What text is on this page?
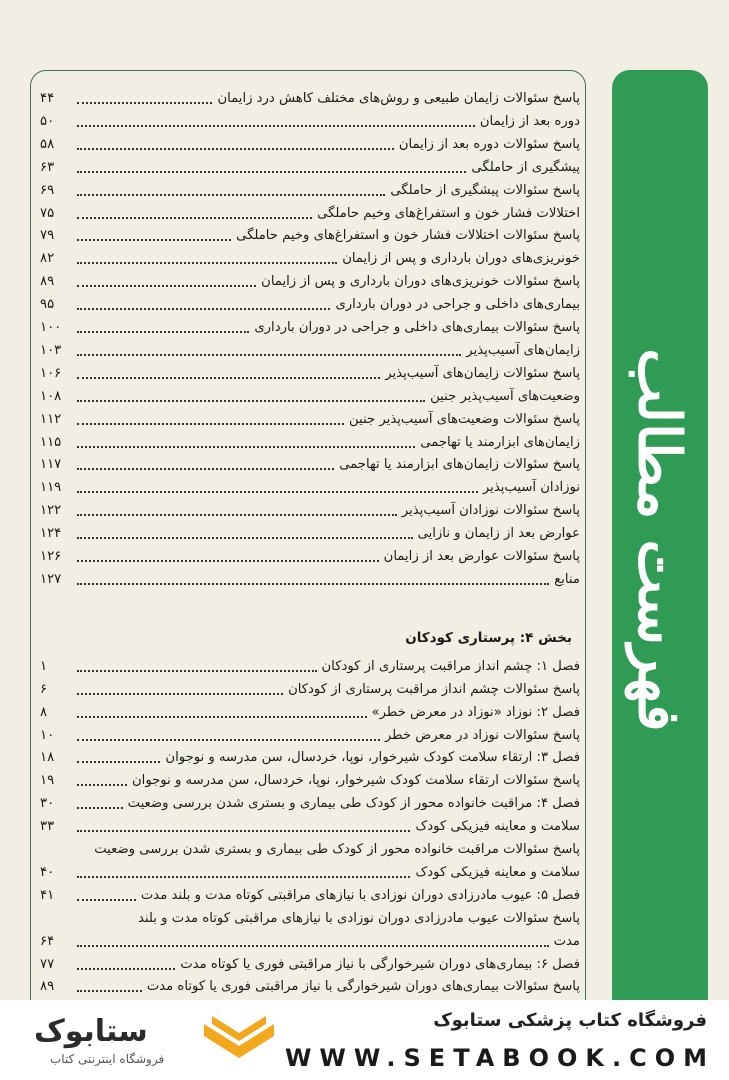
فهرست مطالب
بخش ۴: پرستاری کودکان
پاسخ سئوالات زایمان طبیعی و روش‌های مختلف کاهش درد زایمان
۴۴
دوره بعد از زایمان
۵۰
پاسخ سئوالات دوره بعد از زایمان
۵۸
پیشگیری از حاملگی
۶۳
پاسخ سئوالات پیشگیری از حاملگی
۶۹
اختلالات فشار خون و استفراغ‌های وخیم حاملگی
۷۵
پاسخ سئوالات اختلالات فشار خون و استفراغ‌های وخیم حاملگی
۷۹
خونریزی‌های دوران بارداری و پس از زایمان
۸۲
پاسخ سئوالات خونریزی‌های دوران بارداری و پس از زایمان
۸۹
بیماری‌های داخلی و جراحی در دوران بارداری
۹۵
پاسخ سئوالات بیماری‌های داخلی و جراحی در دوران بارداری
۱۰۰
زایمان‌های آسیب‌پذیر
۱۰۳
پاسخ سئوالات زایمان‌های آسیب‌پذیر
۱۰۶
وضعیت‌های آسیب‌پذیر جنین
۱۰۸
پاسخ سئوالات وضعیت‌های آسیب‌پذیر جنین
۱۱۲
زایمان‌های ابزارمند یا تهاجمی
۱۱۵
پاسخ سئوالات زایمان‌های ابزارمند یا تهاجمی
۱۱۷
نوزادان آسیب‌پذیر
۱۱۹
پاسخ سئوالات نوزادان آسیب‌پذیر
۱۲۲
عوارض بعد از زایمان و نازایی
۱۲۴
پاسخ سئوالات عوارض بعد از زایمان
۱۲۶
منابع
۱۲۷
فصل ۱: چشم انداز مراقبت پرستاری از کودکان
۱
پاسخ سئوالات چشم انداز مراقبت پرستاری از کودکان
۶
فصل ۲: نوزاد «نوزاد در معرض خطر»
۸
پاسخ سئوالات نوزاد در معرض خطر
۱۰
فصل ۳: ارتقاء سلامت کودک شیرخوار، نوپا، خردسال، سن مدرسه و نوجوان
۱۸
پاسخ سئوالات ارتقاء سلامت کودک شیرخوار، نوپا، خردسال، سن مدرسه و نوجوان
۱۹
فصل ۴: مراقبت خانواده محور از کودک طی بیماری و بستری شدن بررسی وضعیت
۳۰
سلامت و معاینه فیزیکی کودک
۳۳
پاسخ سئوالات مراقبت خانواده محور از کودک طی بیماری و بستری شدن بررسی وضعیت
سلامت و معاینه فیزیکی کودک
۴۰
فصل ۵: عیوب مادرزادی دوران نوزادی با نیازهای مراقبتی کوتاه مدت و بلند مدت
۴۱
پاسخ سئوالات عیوب مادرزادی دوران نوزادی با نیازهای مراقبتی کوتاه مدت و بلند
مدت
۶۴
فصل ۶: بیماری‌های دوران شیرخوارگی با نیاز مراقبتی فوری یا کوتاه مدت
۷۷
پاسخ سئوالات بیماری‌های دوران شیرخوارگی با نیاز مراقبتی فوری یا کوتاه مدت
۸۹
فروشگاه کتاب پزشکی ستابوک
WWW.SETABOOK.COM
ستابوک
فروشگاه اینترنتی کتاب
